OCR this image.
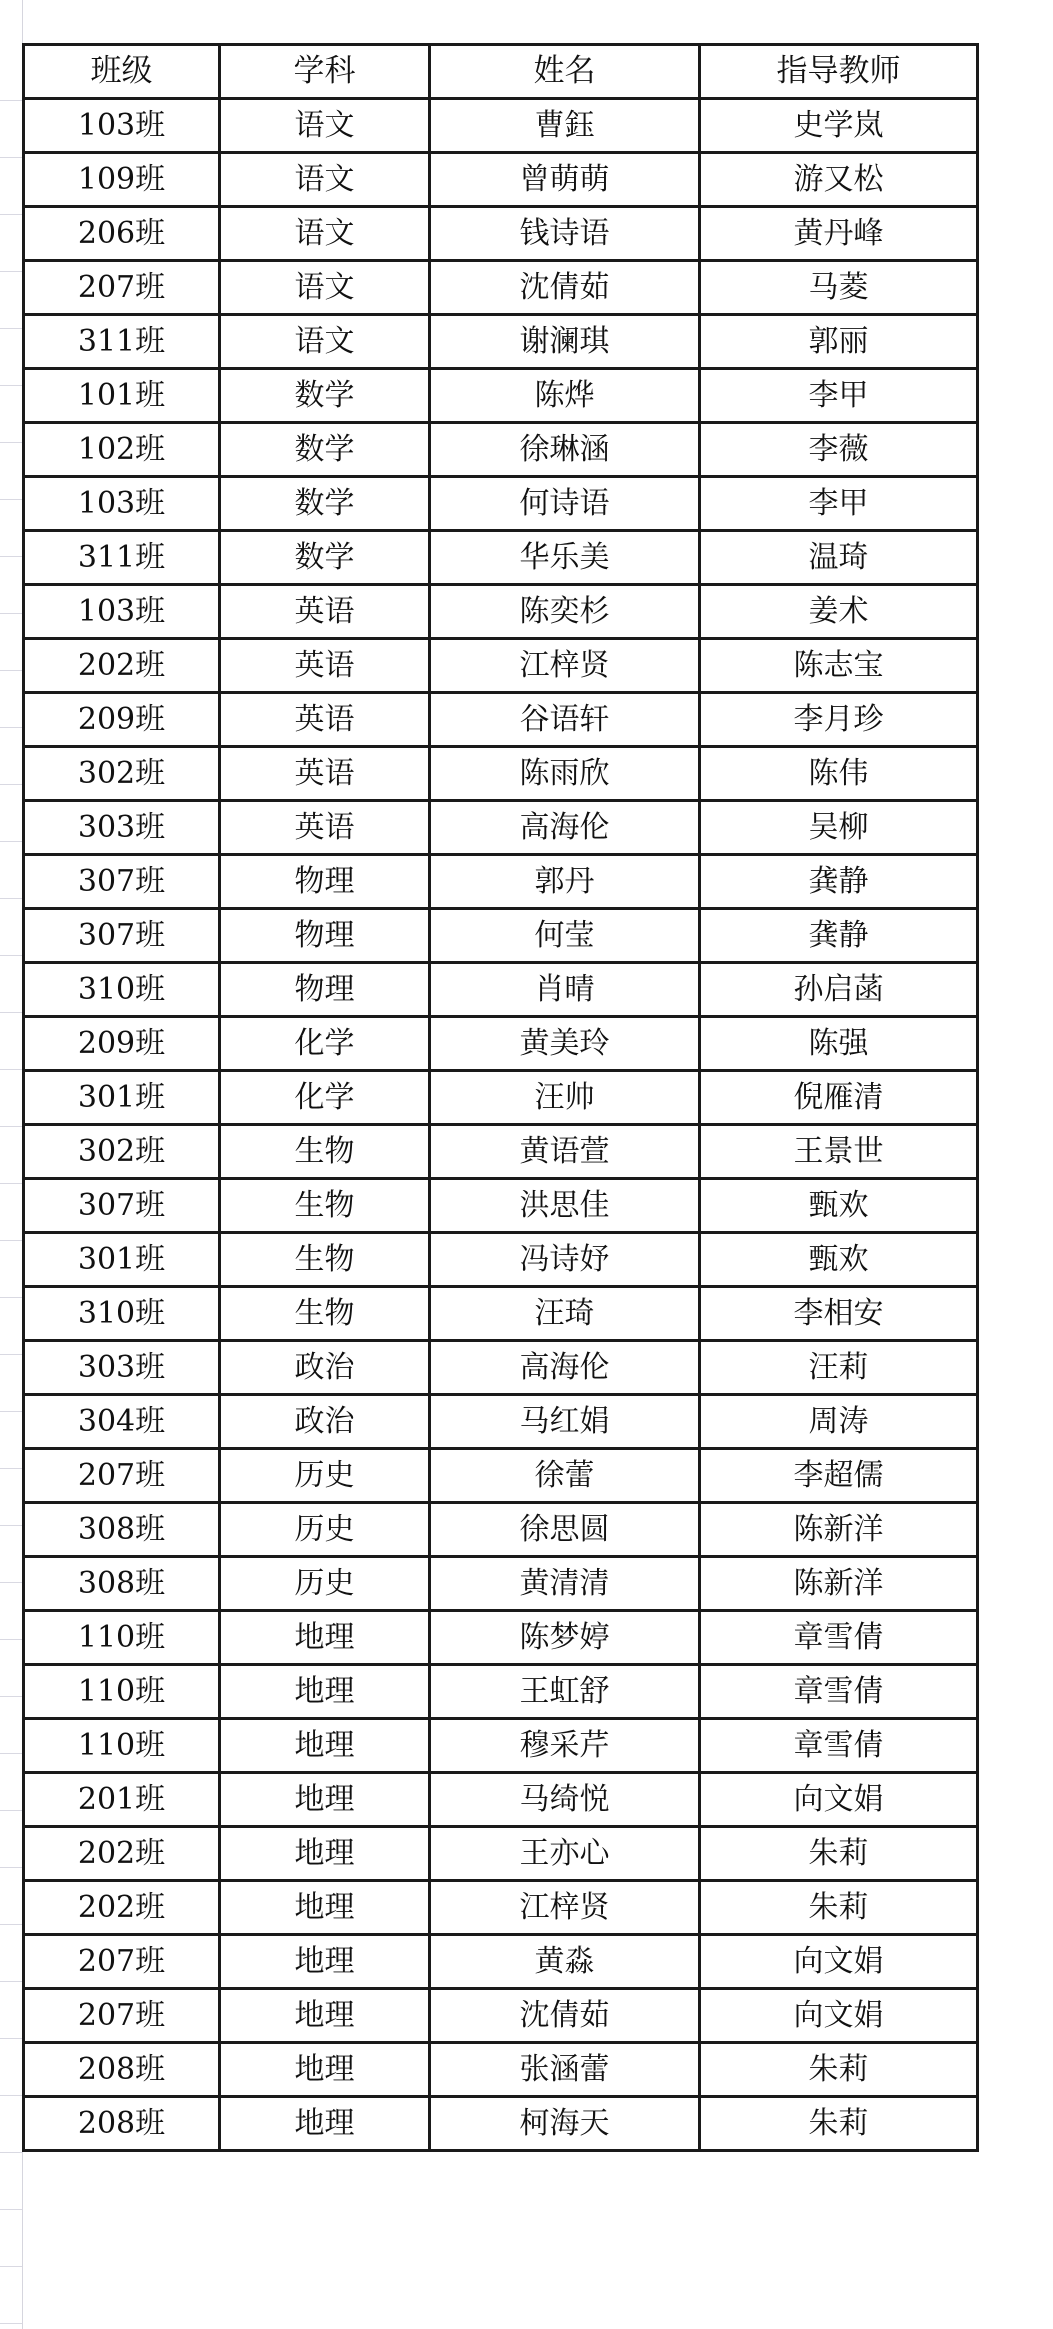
班级	学科	姓名	指导教师
103班	语文	曹鈺	史学岚
109班	语文	曾萌萌	游又松
206班	语文	钱诗语	黄丹峰
207班	语文	沈倩茹	马菱
311班	语文	谢澜琪	郭丽
101班	数学	陈烨	李甲
102班	数学	徐琳涵	李薇
103班	数学	何诗语	李甲
311班	数学	华乐美	温琦
103班	英语	陈奕杉	姜术
202班	英语	江梓贤	陈志宝
209班	英语	谷语轩	李月珍
302班	英语	陈雨欣	陈伟
303班	英语	高海伦	吴柳
307班	物理	郭丹	龚静
307班	物理	何莹	龚静
310班	物理	肖晴	孙启菡
209班	化学	黄美玲	陈强
301班	化学	汪帅	倪雁清
302班	生物	黄语萱	王景世
307班	生物	洪思佳	甄欢
301班	生物	冯诗妤	甄欢
310班	生物	汪琦	李相安
303班	政治	高海伦	汪莉
304班	政治	马红娟	周涛
207班	历史	徐蕾	李超儒
308班	历史	徐思圆	陈新洋
308班	历史	黄清清	陈新洋
110班	地理	陈梦婷	章雪倩
110班	地理	王虹舒	章雪倩
110班	地理	穆采芹	章雪倩
201班	地理	马绮悦	向文娟
202班	地理	王亦心	朱莉
202班	地理	江梓贤	朱莉
207班	地理	黄淼	向文娟
207班	地理	沈倩茹	向文娟
208班	地理	张涵蕾	朱莉
208班	地理	柯海天	朱莉
